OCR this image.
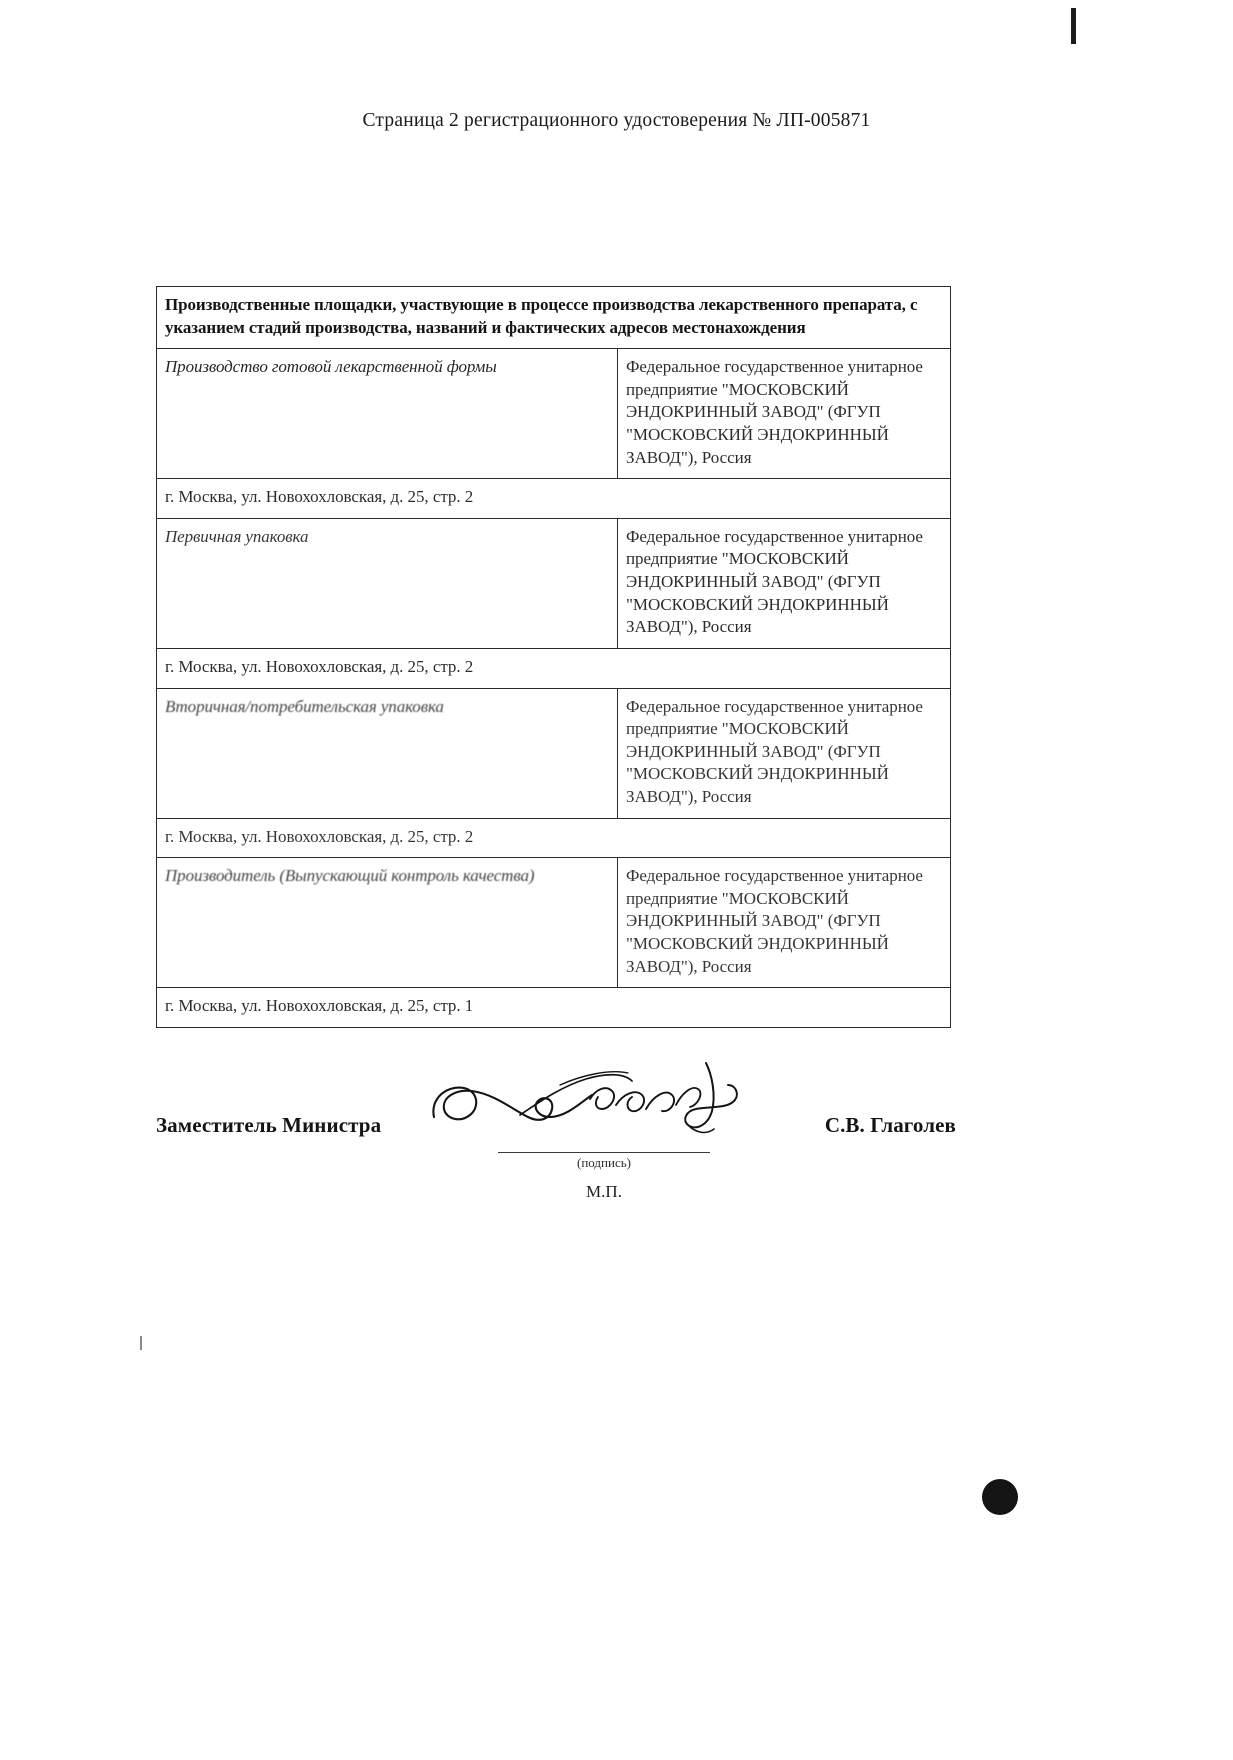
Страница 2 регистрационного удостоверения № ЛП-005871
Производственные площадки, участвующие в процессе производства лекарственного препарата, с указанием стадий производства, названий и фактических адресов местонахождения	
Производство готовой лекарственной формы	Федеральное государственное унитарное предприятие "МОСКОВСКИЙ ЭНДОКРИННЫЙ ЗАВОД" (ФГУП "МОСКОВСКИЙ ЭНДОКРИННЫЙ ЗАВОД"), Россия
г. Москва, ул. Новохохловская, д. 25, стр. 2	
Первичная упаковка	Федеральное государственное унитарное предприятие "МОСКОВСКИЙ ЭНДОКРИННЫЙ ЗАВОД" (ФГУП "МОСКОВСКИЙ ЭНДОКРИННЫЙ ЗАВОД"), Россия
г. Москва, ул. Новохохловская, д. 25, стр. 2	
Вторичная/потребительская упаковка	Федеральное государственное унитарное предприятие "МОСКОВСКИЙ ЭНДОКРИННЫЙ ЗАВОД" (ФГУП "МОСКОВСКИЙ ЭНДОКРИННЫЙ ЗАВОД"), Россия
г. Москва, ул. Новохохловская, д. 25, стр. 2	
Производитель (Выпускающий контроль качества)	Федеральное государственное унитарное предприятие "МОСКОВСКИЙ ЭНДОКРИННЫЙ ЗАВОД" (ФГУП "МОСКОВСКИЙ ЭНДОКРИННЫЙ ЗАВОД"), Россия
г. Москва, ул. Новохохловская, д. 25, стр. 1	
Заместитель Министра	С.В. Глаголев
(подпись)
М.П.
